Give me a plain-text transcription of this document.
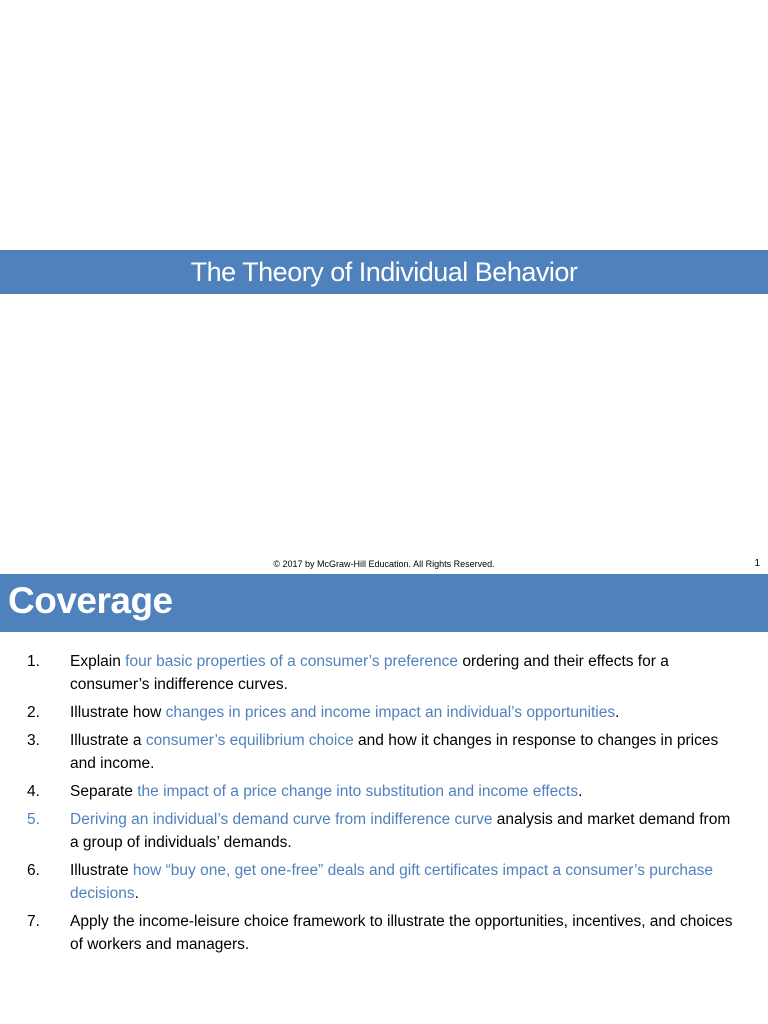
The Theory of Individual Behavior
© 2017 by McGraw-Hill Education. All Rights Reserved.	1
Coverage
1.	Explain four basic properties of a consumer’s preference ordering and their effects for a consumer’s indifference curves.
2.	Illustrate how changes in prices and income impact an individual’s opportunities.
3.	Illustrate a consumer’s equilibrium choice and how it changes in response to changes in prices and income.
4.	Separate the impact of a price change into substitution and income effects.
5.	Deriving an individual’s demand curve from indifference curve analysis and market demand from a group of individuals’ demands.
6.	Illustrate how “buy one, get one-free” deals and gift certificates impact a consumer’s purchase decisions.
7.	Apply the income-leisure choice framework to illustrate the opportunities, incentives, and choices of workers and managers.
